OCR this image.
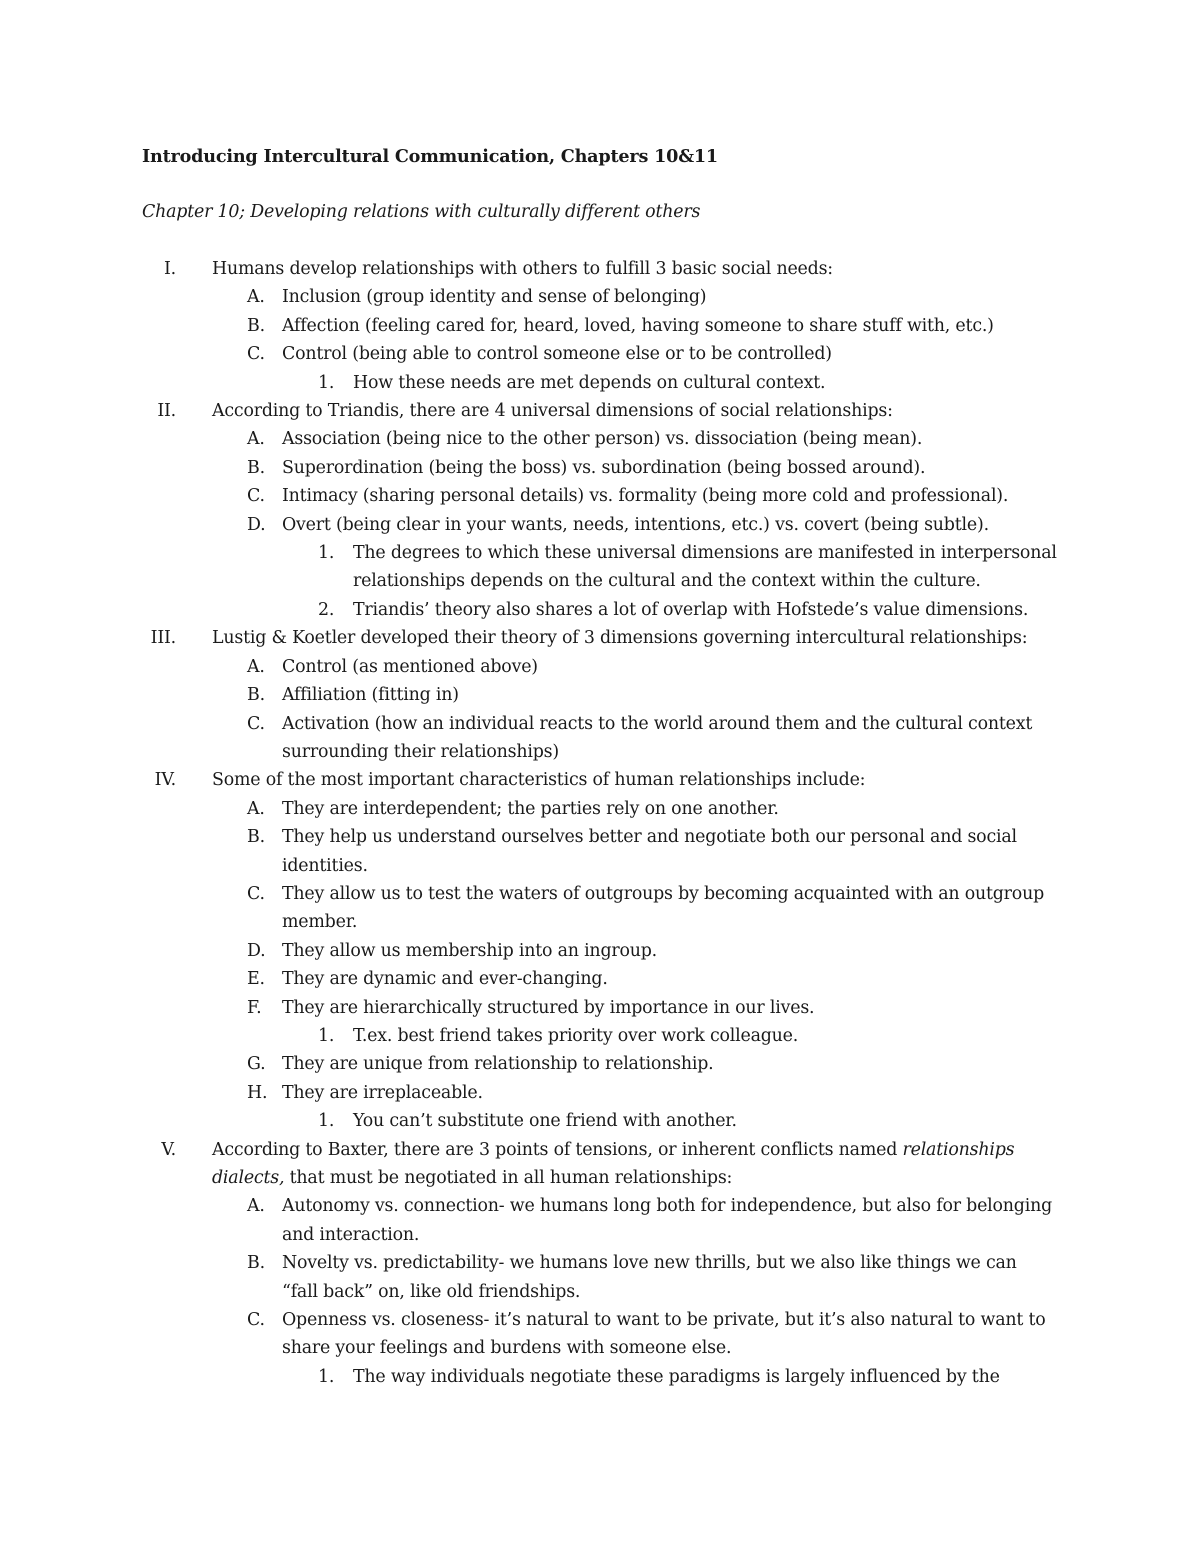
Introducing Intercultural Communication, Chapters 10&11
Chapter 10; Developing relations with culturally different others
I. Humans develop relationships with others to fulfill 3 basic social needs:
A. Inclusion (group identity and sense of belonging)
B. Affection (feeling cared for, heard, loved, having someone to share stuff with, etc.)
C. Control (being able to control someone else or to be controlled)
1. How these needs are met depends on cultural context.
II. According to Triandis, there are 4 universal dimensions of social relationships:
A. Association (being nice to the other person) vs. dissociation (being mean).
B. Superordination (being the boss) vs. subordination (being bossed around).
C. Intimacy (sharing personal details) vs. formality (being more cold and professional).
D. Overt (being clear in your wants, needs, intentions, etc.) vs. covert (being subtle).
1. The degrees to which these universal dimensions are manifested in interpersonal
relationships depends on the cultural and the context within the culture.
2. Triandis’ theory also shares a lot of overlap with Hofstede’s value dimensions.
III. Lustig & Koetler developed their theory of 3 dimensions governing intercultural relationships:
A. Control (as mentioned above)
B. Affiliation (fitting in)
C. Activation (how an individual reacts to the world around them and the cultural context
surrounding their relationships)
IV. Some of the most important characteristics of human relationships include:
A. They are interdependent; the parties rely on one another.
B. They help us understand ourselves better and negotiate both our personal and social
identities.
C. They allow us to test the waters of outgroups by becoming acquainted with an outgroup
member.
D. They allow us membership into an ingroup.
E. They are dynamic and ever-changing.
F. They are hierarchically structured by importance in our lives.
1. T.ex. best friend takes priority over work colleague.
G. They are unique from relationship to relationship.
H. They are irreplaceable.
1. You can’t substitute one friend with another.
V. According to Baxter, there are 3 points of tensions, or inherent conflicts named relationships
dialects, that must be negotiated in all human relationships:
A. Autonomy vs. connection- we humans long both for independence, but also for belonging
and interaction.
B. Novelty vs. predictability- we humans love new thrills, but we also like things we can
“fall back” on, like old friendships.
C. Openness vs. closeness- it’s natural to want to be private, but it’s also natural to want to
share your feelings and burdens with someone else.
1. The way individuals negotiate these paradigms is largely influenced by the
